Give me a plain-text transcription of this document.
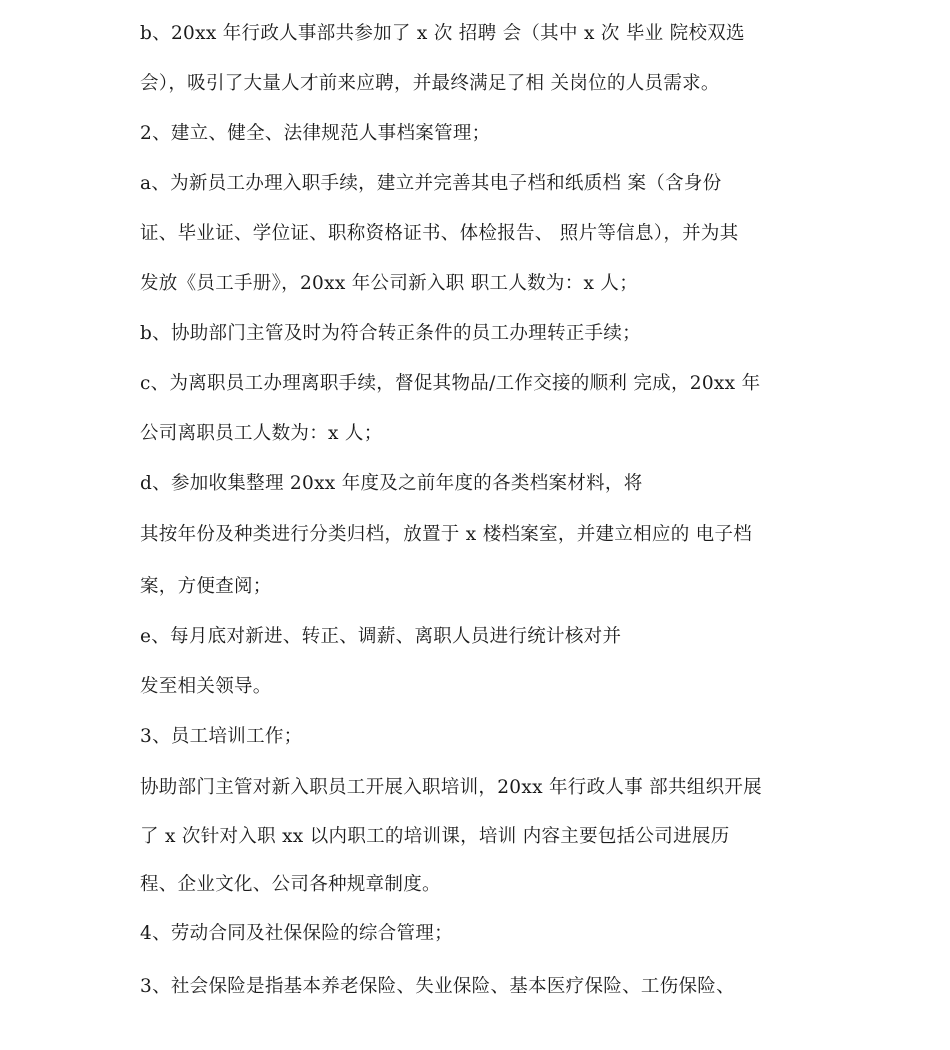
b、20xx 年行政人事部共参加了 x 次 招聘 会（其中 x 次 毕业 院校双选
会），吸引了大量人才前来应聘，并最终满足了相 关岗位的人员需求。
2、建立、健全、法律规范人事档案管理；
a、为新员工办理入职手续，建立并完善其电子档和纸质档 案（含身份
证、毕业证、学位证、职称资格证书、体检报告、 照片等信息），并为其
发放《员工手册》，20xx 年公司新入职 职工人数为：x 人；
b、协助部门主管及时为符合转正条件的员工办理转正手续；
c、为离职员工办理离职手续，督促其物品/工作交接的顺利 完成，20xx 年
公司离职员工人数为：x 人；
d、参加收集整理 20xx 年度及之前年度的各类档案材料，将
其按年份及种类进行分类归档，放置于 x 楼档案室，并建立相应的 电子档
案，方便查阅；
e、每月底对新进、转正、调薪、离职人员进行统计核对并
发至相关领导。
3、员工培训工作；
协助部门主管对新入职员工开展入职培训，20xx 年行政人事 部共组织开展
了 x 次针对入职 xx 以内职工的培训课，培训 内容主要包括公司进展历
程、企业文化、公司各种规章制度。
4、劳动合同及社保保险的综合管理；
3、社会保险是指基本养老保险、失业保险、基本医疗保险、工伤保险、
